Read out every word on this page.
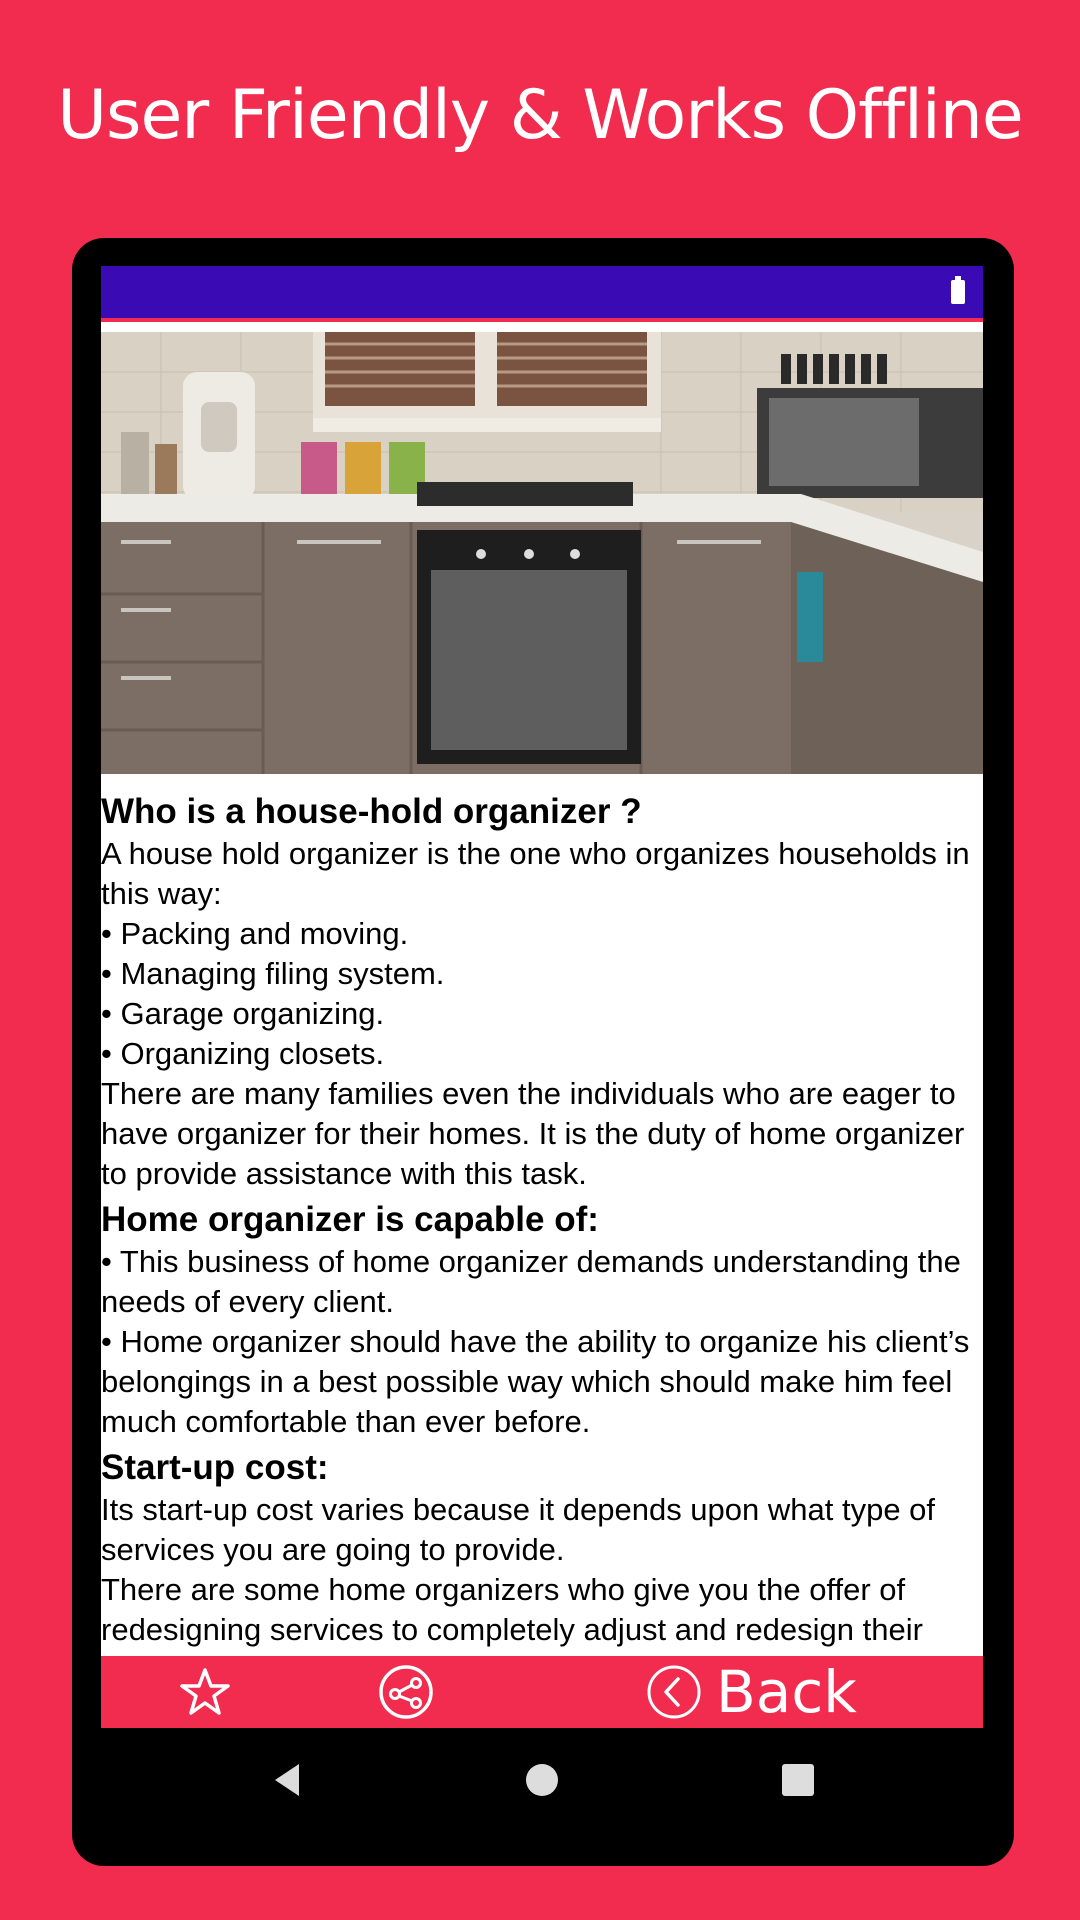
User Friendly & Works Offline
Who is a house-hold organizer ?

A house hold organizer is the one who organizes households in this way:

• Packing and moving.

• Managing filing system.

• Garage organizing.

• Organizing closets.

There are many families even the individuals who are eager to have organizer for their homes. It is the duty of home organizer to provide assistance with this task.

Home organizer is capable of:

• This business of home organizer demands understanding the needs of every client.

• Home organizer should have the ability to organize his client’s belongings in a best possible way which should make him feel much comfortable than ever before.

Start-up cost:

Its start-up cost varies because it depends upon what type of services you are going to provide.

There are some home organizers who give you the offer of redesigning services to completely adjust and redesign their

Back
